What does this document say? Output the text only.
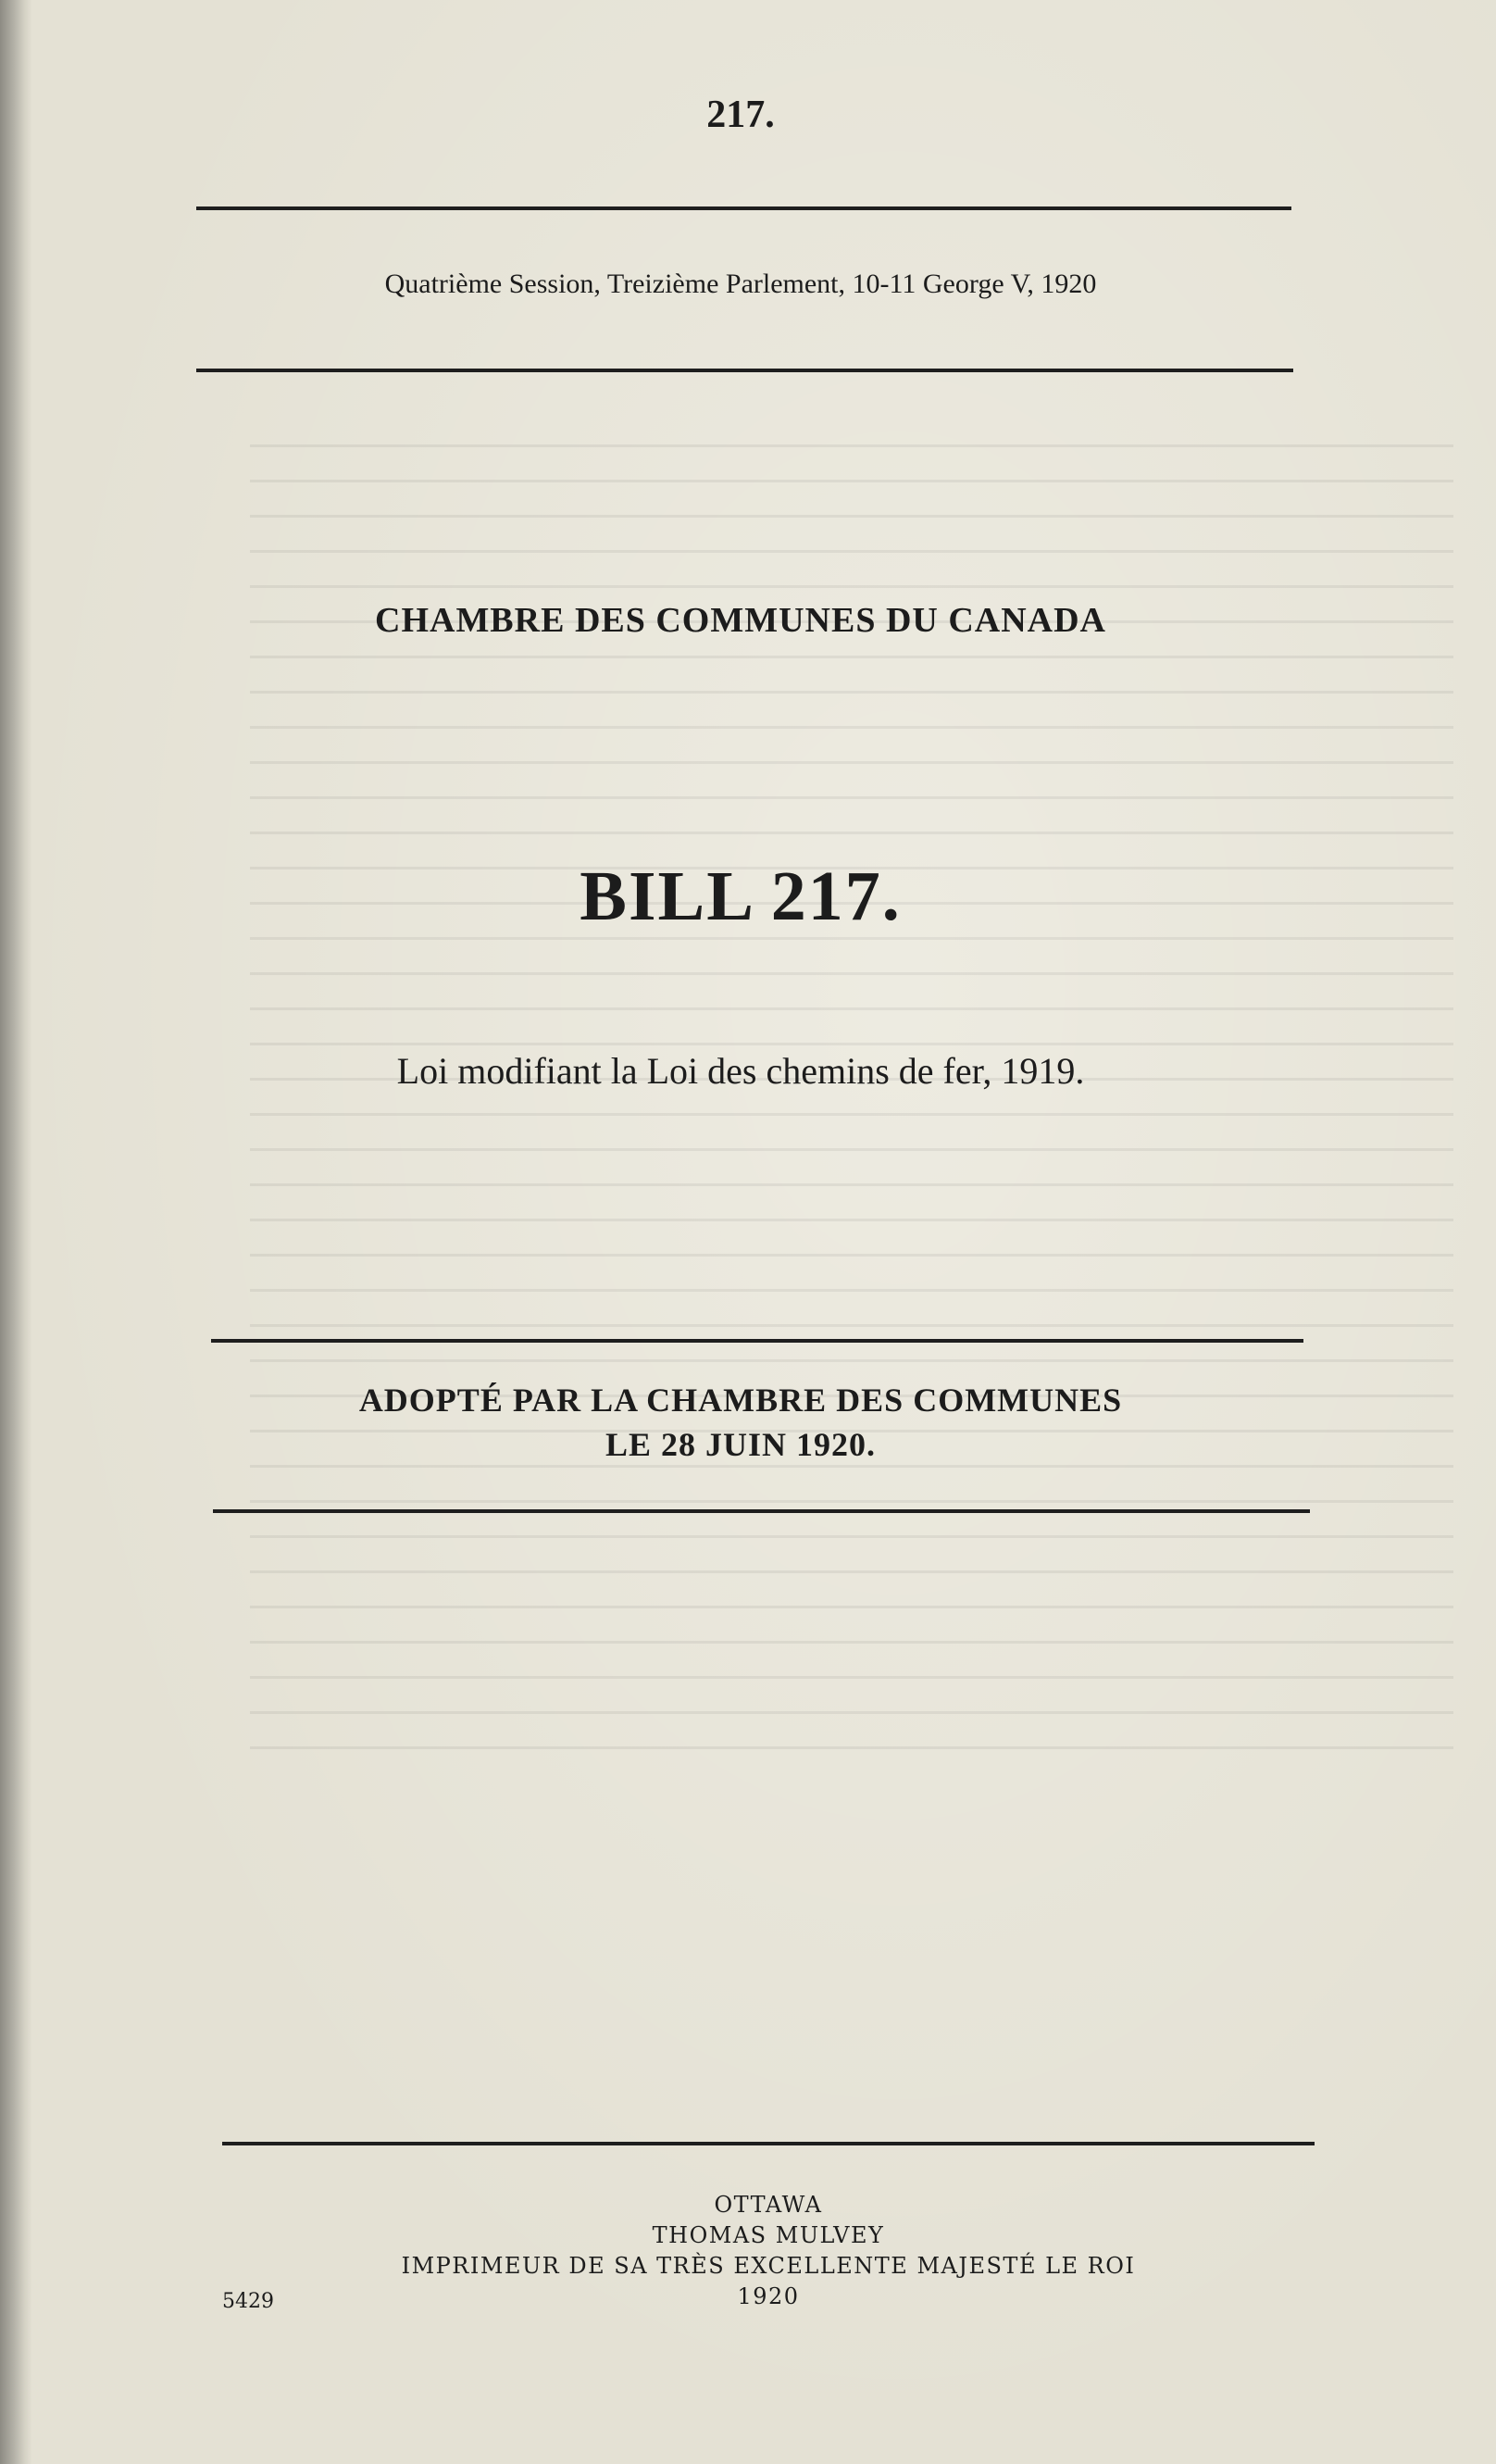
217.
Quatrième Session, Treizième Parlement, 10-11 George V, 1920
CHAMBRE DES COMMUNES DU CANADA
BILL 217.
Loi modifiant la Loi des chemins de fer, 1919.
ADOPTÉ PAR LA CHAMBRE DES COMMUNES
LE 28 JUIN 1920.
OTTAWA
THOMAS MULVEY
IMPRIMEUR DE SA TRÈS EXCELLENTE MAJESTÉ LE ROI
1920
5429
